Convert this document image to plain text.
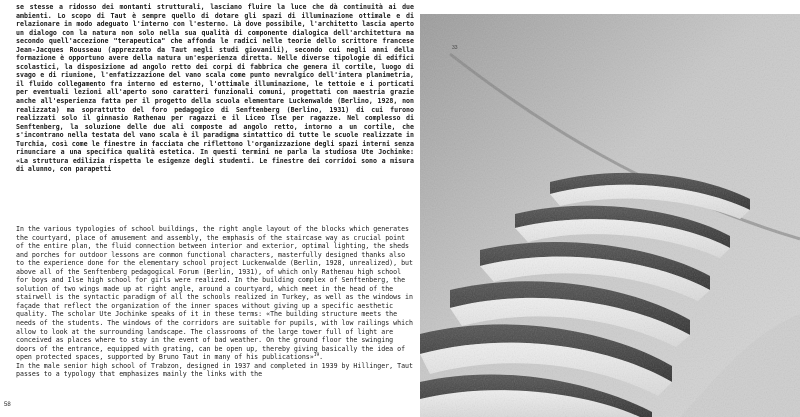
se stesse a ridosso dei montanti strutturali, lasciano fluire la luce che dà continuità ai due ambienti. Lo scopo di Taut è sempre quello di dotare gli spazi di illuminazione ottimale e di relazionare in modo adeguato l'interno con l'esterno. Là dove possibile, l'architetto lascia aperto un dialogo con la natura non solo nella sua qualità di componente dialogica dell'architettura ma secondo quell'accezione "terapeutica" che affonda le radici nelle teorie dello scrittore francese Jean-Jacques Rousseau (apprezzato da Taut negli studi giovanili), secondo cui negli anni della formazione è opportuno avere della natura un'esperienza diretta. Nelle diverse tipologie di edifici scolastici, la disposizione ad angolo retto dei corpi di fabbrica che genera il cortile, luogo di svago e di riunione, l'enfatizzazione del vano scala come punto nevralgico dell'intera planimetria, il fluido collegamento fra interno ed esterno, l'ottimale illuminazione, le tettoie e i porticati per eventuali lezioni all'aperto sono caratteri funzionali comuni, progettati con maestria grazie anche all'esperienza fatta per il progetto della scuola elementare Luckenwalde (Berlino, 1928, non realizzata) ma soprattutto del foro pedagogico di Senftenberg (Berlino, 1931) di cui furono realizzati solo il ginnasio Rathenau per ragazzi e il Liceo Ilse per ragazze. Nel complesso di Senftenberg, la soluzione delle due ali composte ad angolo retto, intorno a un cortile, che s'incontrano nella testata del vano scala è il paradigma sintattico di tutte le scuole realizzate in Turchia, così come le finestre in facciata che riflettono l'organizzazione degli spazi interni senza rinunciare a una specifica qualità estetica. In questi termini ne parla la studiosa Ute Jochinke: «La struttura edilizia rispetta le esigenze degli studenti. Le finestre dei corridoi sono a misura di alunno, con parapetti

In the various typologies of school buildings, the right angle layout of the blocks which generates the courtyard, place of amusement and assembly, the emphasis of the staircase way as crucial point of the entire plan, the fluid connection between interior and exterior, optimal lighting, the sheds and porches for outdoor lessons are common functional characters, masterfully designed thanks also to the experience done for the elementary school project Luckenwalde (Berlin, 1928, unrealized), but above all of the Senftenberg pedagogical Forum (Berlin, 1931), of which only Rathenau high school for boys and Ilse high school for girls were realized. In the building complex of Senftenberg, the solution of two wings made up at right angle, around a courtyard, which meet in the head of the stairwell is the syntactic paradigm of all the schools realized in Turkey, as well as the windows in façade that reflect the organization of the inner spaces without giving up a specific aesthetic quality. The scholar Ute Jochinke speaks of it in these terms: «The building structure meets the needs of the students. The windows of the corridors are suitable for pupils, with low railings which allow to look at the surrounding landscape. The classrooms of the large tower full of light are conceived as places where to stay in the event of bad weather. On the ground floor the swinging doors of the entrance, equipped with grating, can be open up, thereby giving basically the idea of open protected spaces, supported by Bruno Taut in many of his publications»$^{19}$.

In the male senior high school of Trabzon, designed in 1937 and completed in 1939 by Hillinger, Taut passes to a typology that emphasizes mainly the links with the

58
33
